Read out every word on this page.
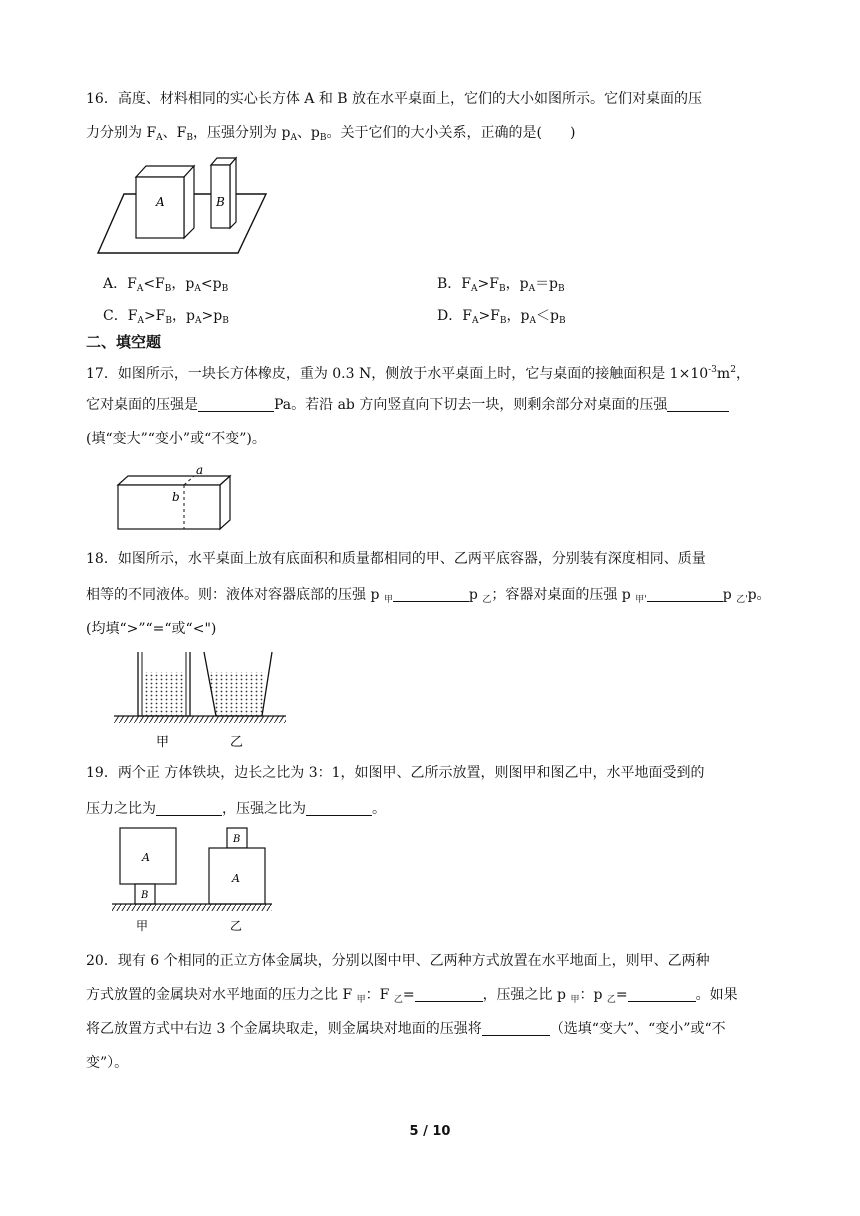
16．高度、材料相同的实心长方体 A 和 B 放在水平桌面上，它们的大小如图所示。它们对桌面的压
力分别为 $F_A$、$F_B$，压强分别为 $p_A$、$p_B$。关于它们的大小关系，正确的是(　　)
A	B
A．$F_A<F_B$，$p_A<p_B$	B．$F_A>F_B$，$p_A=p_B$
C．$F_A>F_B$，$p_A>p_B$	D．$F_A>F_B$，$p_A<p_B$
二、填空题
17．如图所示，一块长方体橡皮，重为 0.3 N，侧放于水平桌面上时，它与桌面的接触面积是 $1\times 10^{-3}m^2$，
它对桌面的压强是	Pa。若沿 ab 方向竖直向下切去一块，则剩余部分对桌面的压强
(填“变大”“变小”或“不变”)。
a
b
18．如图所示，水平桌面上放有底面积和质量都相同的甲、乙两平底容器，分别装有深度相同、质量
相等的不同液体。则：液体对容器底部的压强 p $_甲$	p $_乙$；容器对桌面的压强 p $_{甲'}$	p $_{乙'}$p。
(均填“>”“=“或“<")
甲	乙
19．两个正 方体铁块，边长之比为 3：1，如图甲、乙所示放置，则图甲和图乙中，水平地面受到的
压力之比为	，压强之比为	。
A
B
B
A
甲	乙
20．现有 6 个相同的正立方体金属块，分别以图中甲、乙两种方式放置在水平地面上，则甲、乙两种
方式放置的金属块对水平地面的压力之比 F $_甲$：F $_乙$=	，压强之比 p $_甲$：p $_乙$=	。如果
将乙放置方式中右边 3 个金属块取走，则金属块对地面的压强将	（选填“变大”、“变小”或“不
变”）。
5 / 10
